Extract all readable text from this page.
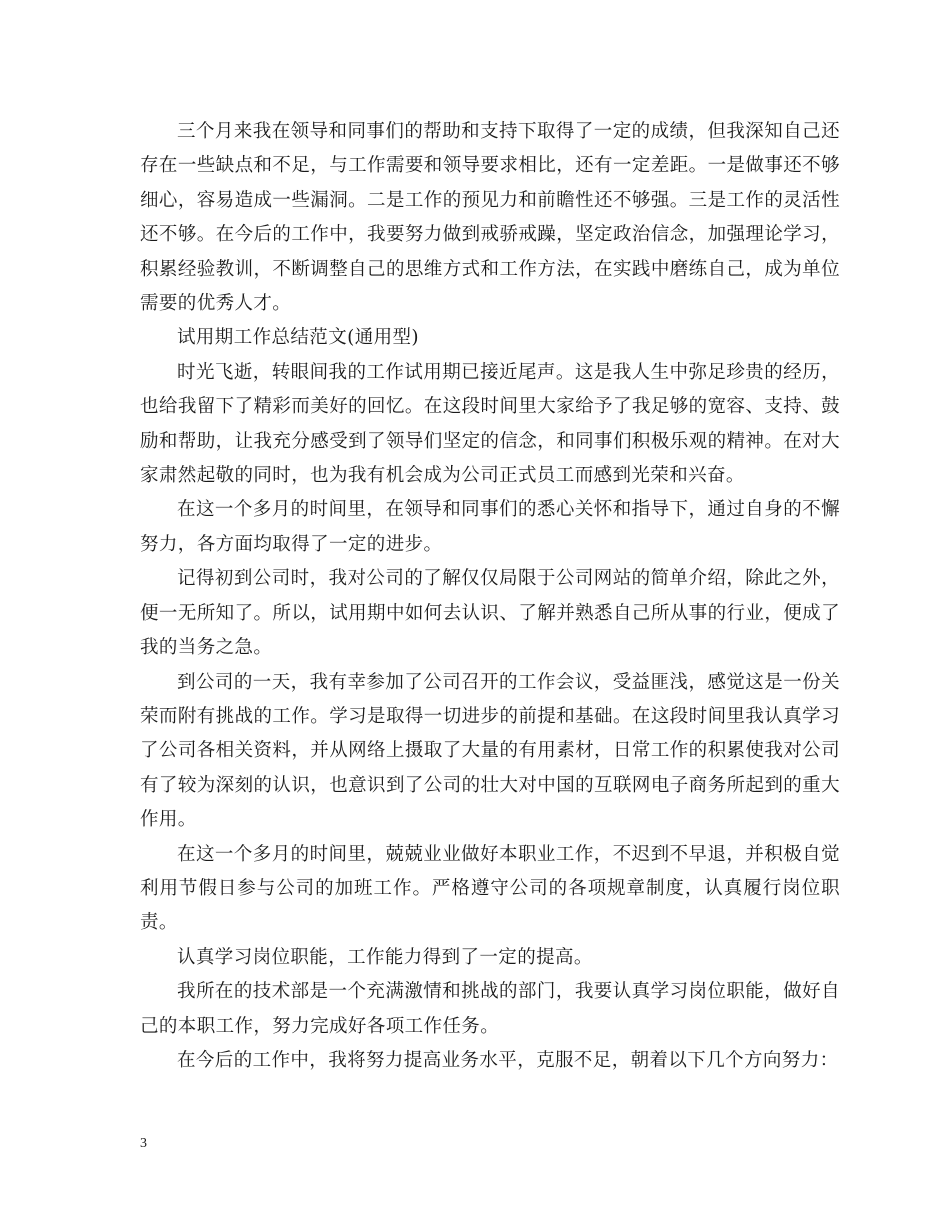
三个月来我在领导和同事们的帮助和支持下取得了一定的成绩，但我深知自己还存在一些缺点和不足，与工作需要和领导要求相比，还有一定差距。一是做事还不够细心，容易造成一些漏洞。二是工作的预见力和前瞻性还不够强。三是工作的灵活性还不够。在今后的工作中，我要努力做到戒骄戒躁，坚定政治信念，加强理论学习，积累经验教训，不断调整自己的思维方式和工作方法，在实践中磨练自己，成为单位需要的优秀人才。

试用期工作总结范文(通用型)

时光飞逝，转眼间我的工作试用期已接近尾声。这是我人生中弥足珍贵的经历，也给我留下了精彩而美好的回忆。在这段时间里大家给予了我足够的宽容、支持、鼓励和帮助，让我充分感受到了领导们坚定的信念，和同事们积极乐观的精神。在对大家肃然起敬的同时，也为我有机会成为公司正式员工而感到光荣和兴奋。

在这一个多月的时间里，在领导和同事们的悉心关怀和指导下，通过自身的不懈努力，各方面均取得了一定的进步。

记得初到公司时，我对公司的了解仅仅局限于公司网站的简单介绍，除此之外，便一无所知了。所以，试用期中如何去认识、了解并熟悉自己所从事的行业，便成了我的当务之急。

到公司的一天，我有幸参加了公司召开的工作会议，受益匪浅，感觉这是一份关荣而附有挑战的工作。学习是取得一切进步的前提和基础。在这段时间里我认真学习了公司各相关资料，并从网络上摄取了大量的有用素材，日常工作的积累使我对公司有了较为深刻的认识，也意识到了公司的壮大对中国的互联网电子商务所起到的重大作用。

在这一个多月的时间里，兢兢业业做好本职业工作，不迟到不早退，并积极自觉利用节假日参与公司的加班工作。严格遵守公司的各项规章制度，认真履行岗位职责。

认真学习岗位职能，工作能力得到了一定的提高。

我所在的技术部是一个充满激情和挑战的部门，我要认真学习岗位职能，做好自己的本职工作，努力完成好各项工作任务。

在今后的工作中，我将努力提高业务水平，克服不足，朝着以下几个方向努力：

3
